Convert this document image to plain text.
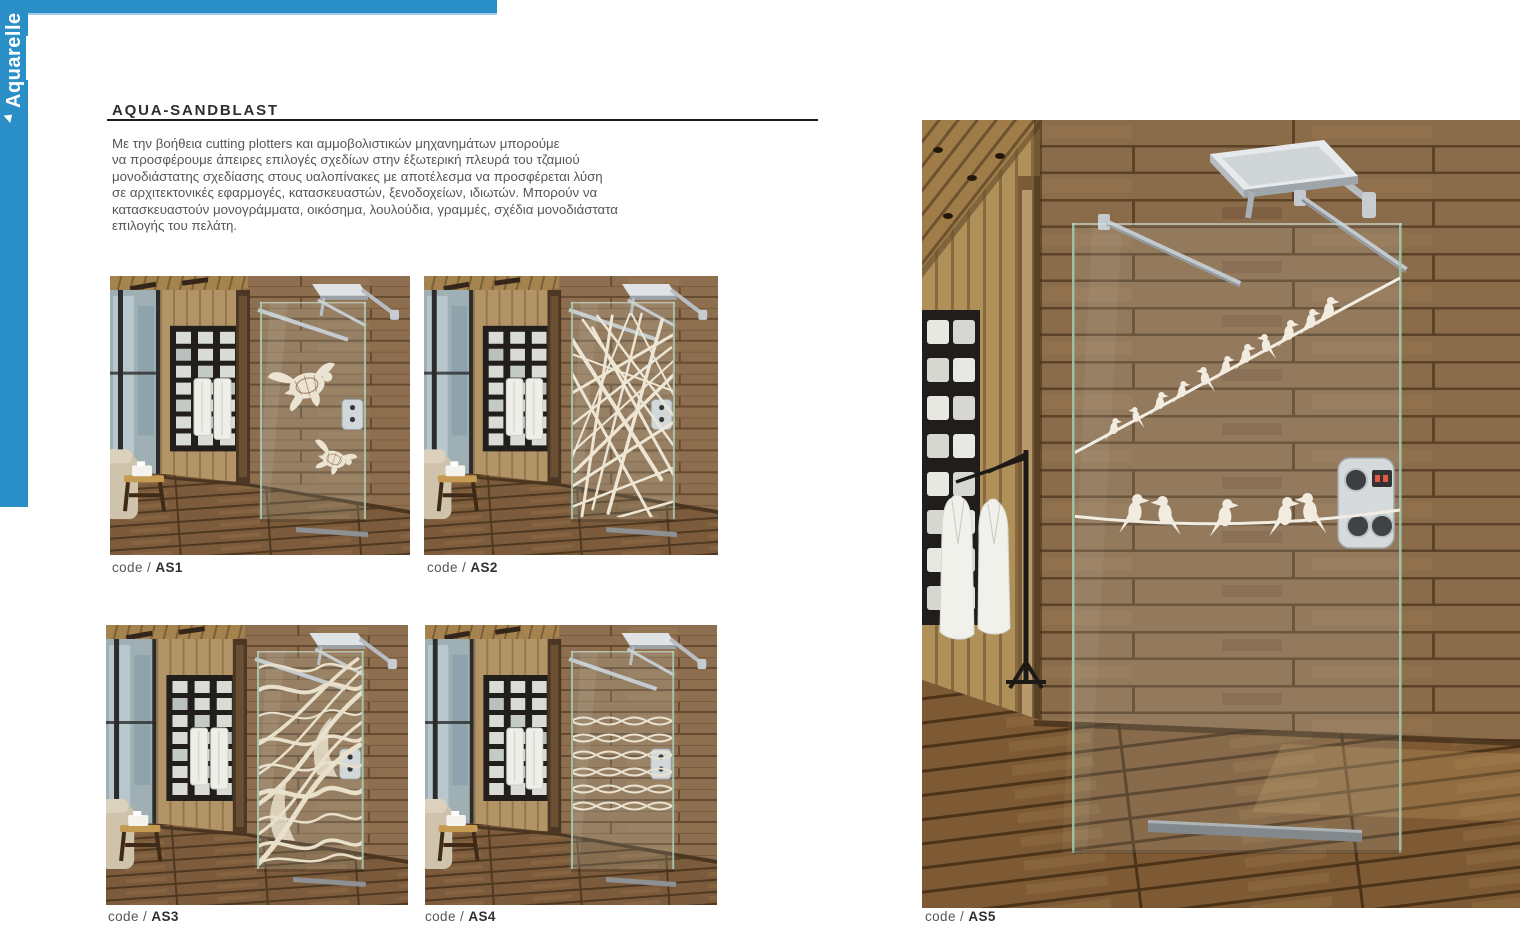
Aquarelle
AQUA-SANDBLAST
Με την βοήθεια cutting plotters και αμμοβολιστικών μηχανημάτων μπορούμε
να προσφέρουμε άπειρες επιλογές σχεδίων στην έξωτερική πλευρά του τζαμιού
μονοδιάστατης σχεδίασης στους υαλοπίνακες με αποτέλεσμα να προσφέρεται λύση
σε αρχιτεκτονικές εφαρμογές, κατασκευαστών, ξενοδοχείων, ιδιωτών. Μπορούν να
κατασκευαστούν μονογράμματα, οικόσημα, λουλούδια, γραμμές, σχέδια μονοδιάστατα
επιλογής του πελάτη.
code / AS1	code / AS2
code / AS3	code / AS4	code / AS5
